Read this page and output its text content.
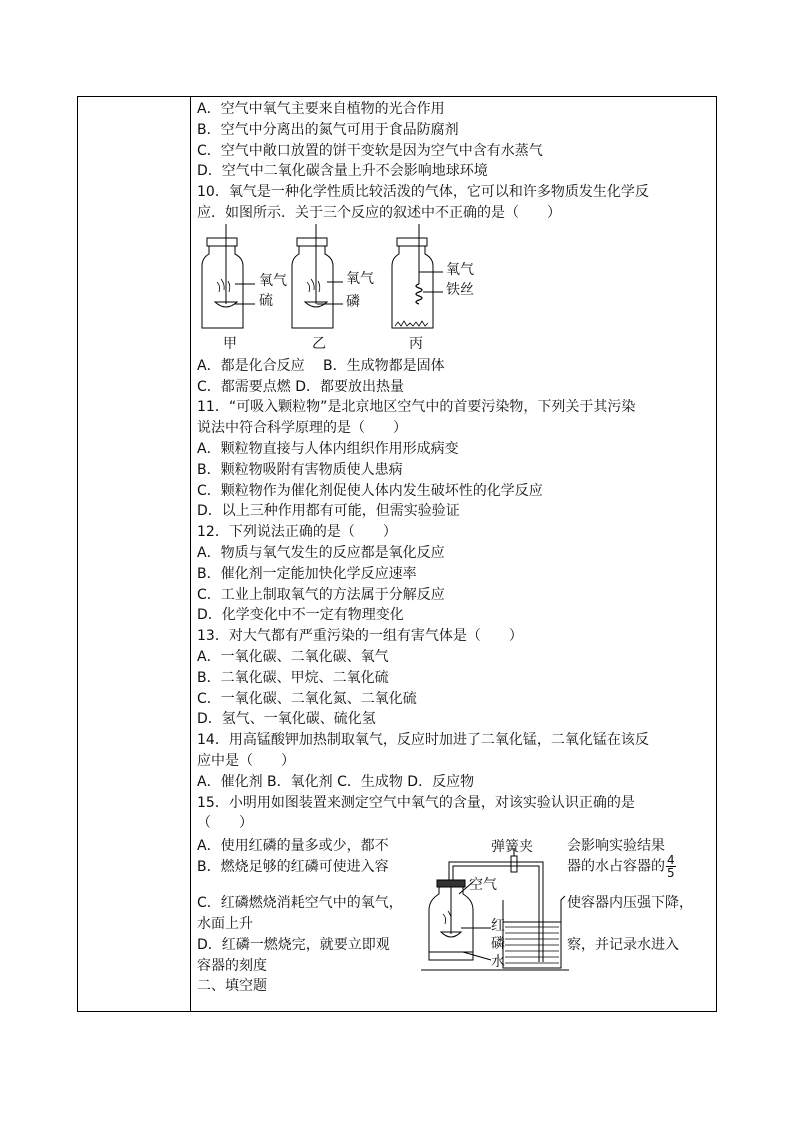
A．空气中氧气主要来自植物的光合作用
B．空气中分离出的氮气可用于食品防腐剂
C．空气中敞口放置的饼干变软是因为空气中含有水蒸气
D．空气中二氧化碳含量上升不会影响地球环境
10．氧气是一种化学性质比较活泼的气体，它可以和许多物质发生化学反
应．如图所示．关于三个反应的叙述中不正确的是（　　）
氧气
硫
氧气
磷
氧气
铁丝
甲	乙	丙
A．都是化合反应　 B．生成物都是固体
C．都需要点燃 D．都要放出热量
11．“可吸入颗粒物”是北京地区空气中的首要污染物，下列关于其污染
说法中符合科学原理的是（　　）
A．颗粒物直接与人体内组织作用形成病变
B．颗粒物吸附有害物质使人患病
C．颗粒物作为催化剂促使人体内发生破坏性的化学反应
D．以上三种作用都有可能，但需实验验证
12．下列说法正确的是（　　）
A．物质与氧气发生的反应都是氧化反应
B．催化剂一定能加快化学反应速率
C．工业上制取氧气的方法属于分解反应
D．化学变化中不一定有物理变化
13．对大气都有严重污染的一组有害气体是（　　）
A．一氧化碳、二氧化碳、氧气
B．二氧化碳、甲烷、二氧化硫
C．一氧化碳、二氧化氮、二氧化硫
D．氢气、一氧化碳、硫化氢
14．用高锰酸钾加热制取氧气，反应时加进了二氧化锰，二氧化锰在该反
应中是（　　）
A．催化剂 B．氧化剂 C．生成物 D．反应物
15．小明用如图装置来测定空气中氧气的含量，对该实验认识正确的是
（　　）
A．使用红磷的量多或少，都不	会影响实验结果
B．燃烧足够的红磷可使进入容	器的水占容器的 $\frac{4}{5}$
C．红磷燃烧消耗空气中的氧气，	使容器内压强下降，
水面上升
D．红磷一燃烧完，就要立即观	察，并记录水进入
容器的刻度
弹簧夹
空气
红
磷
水
二、填空题
